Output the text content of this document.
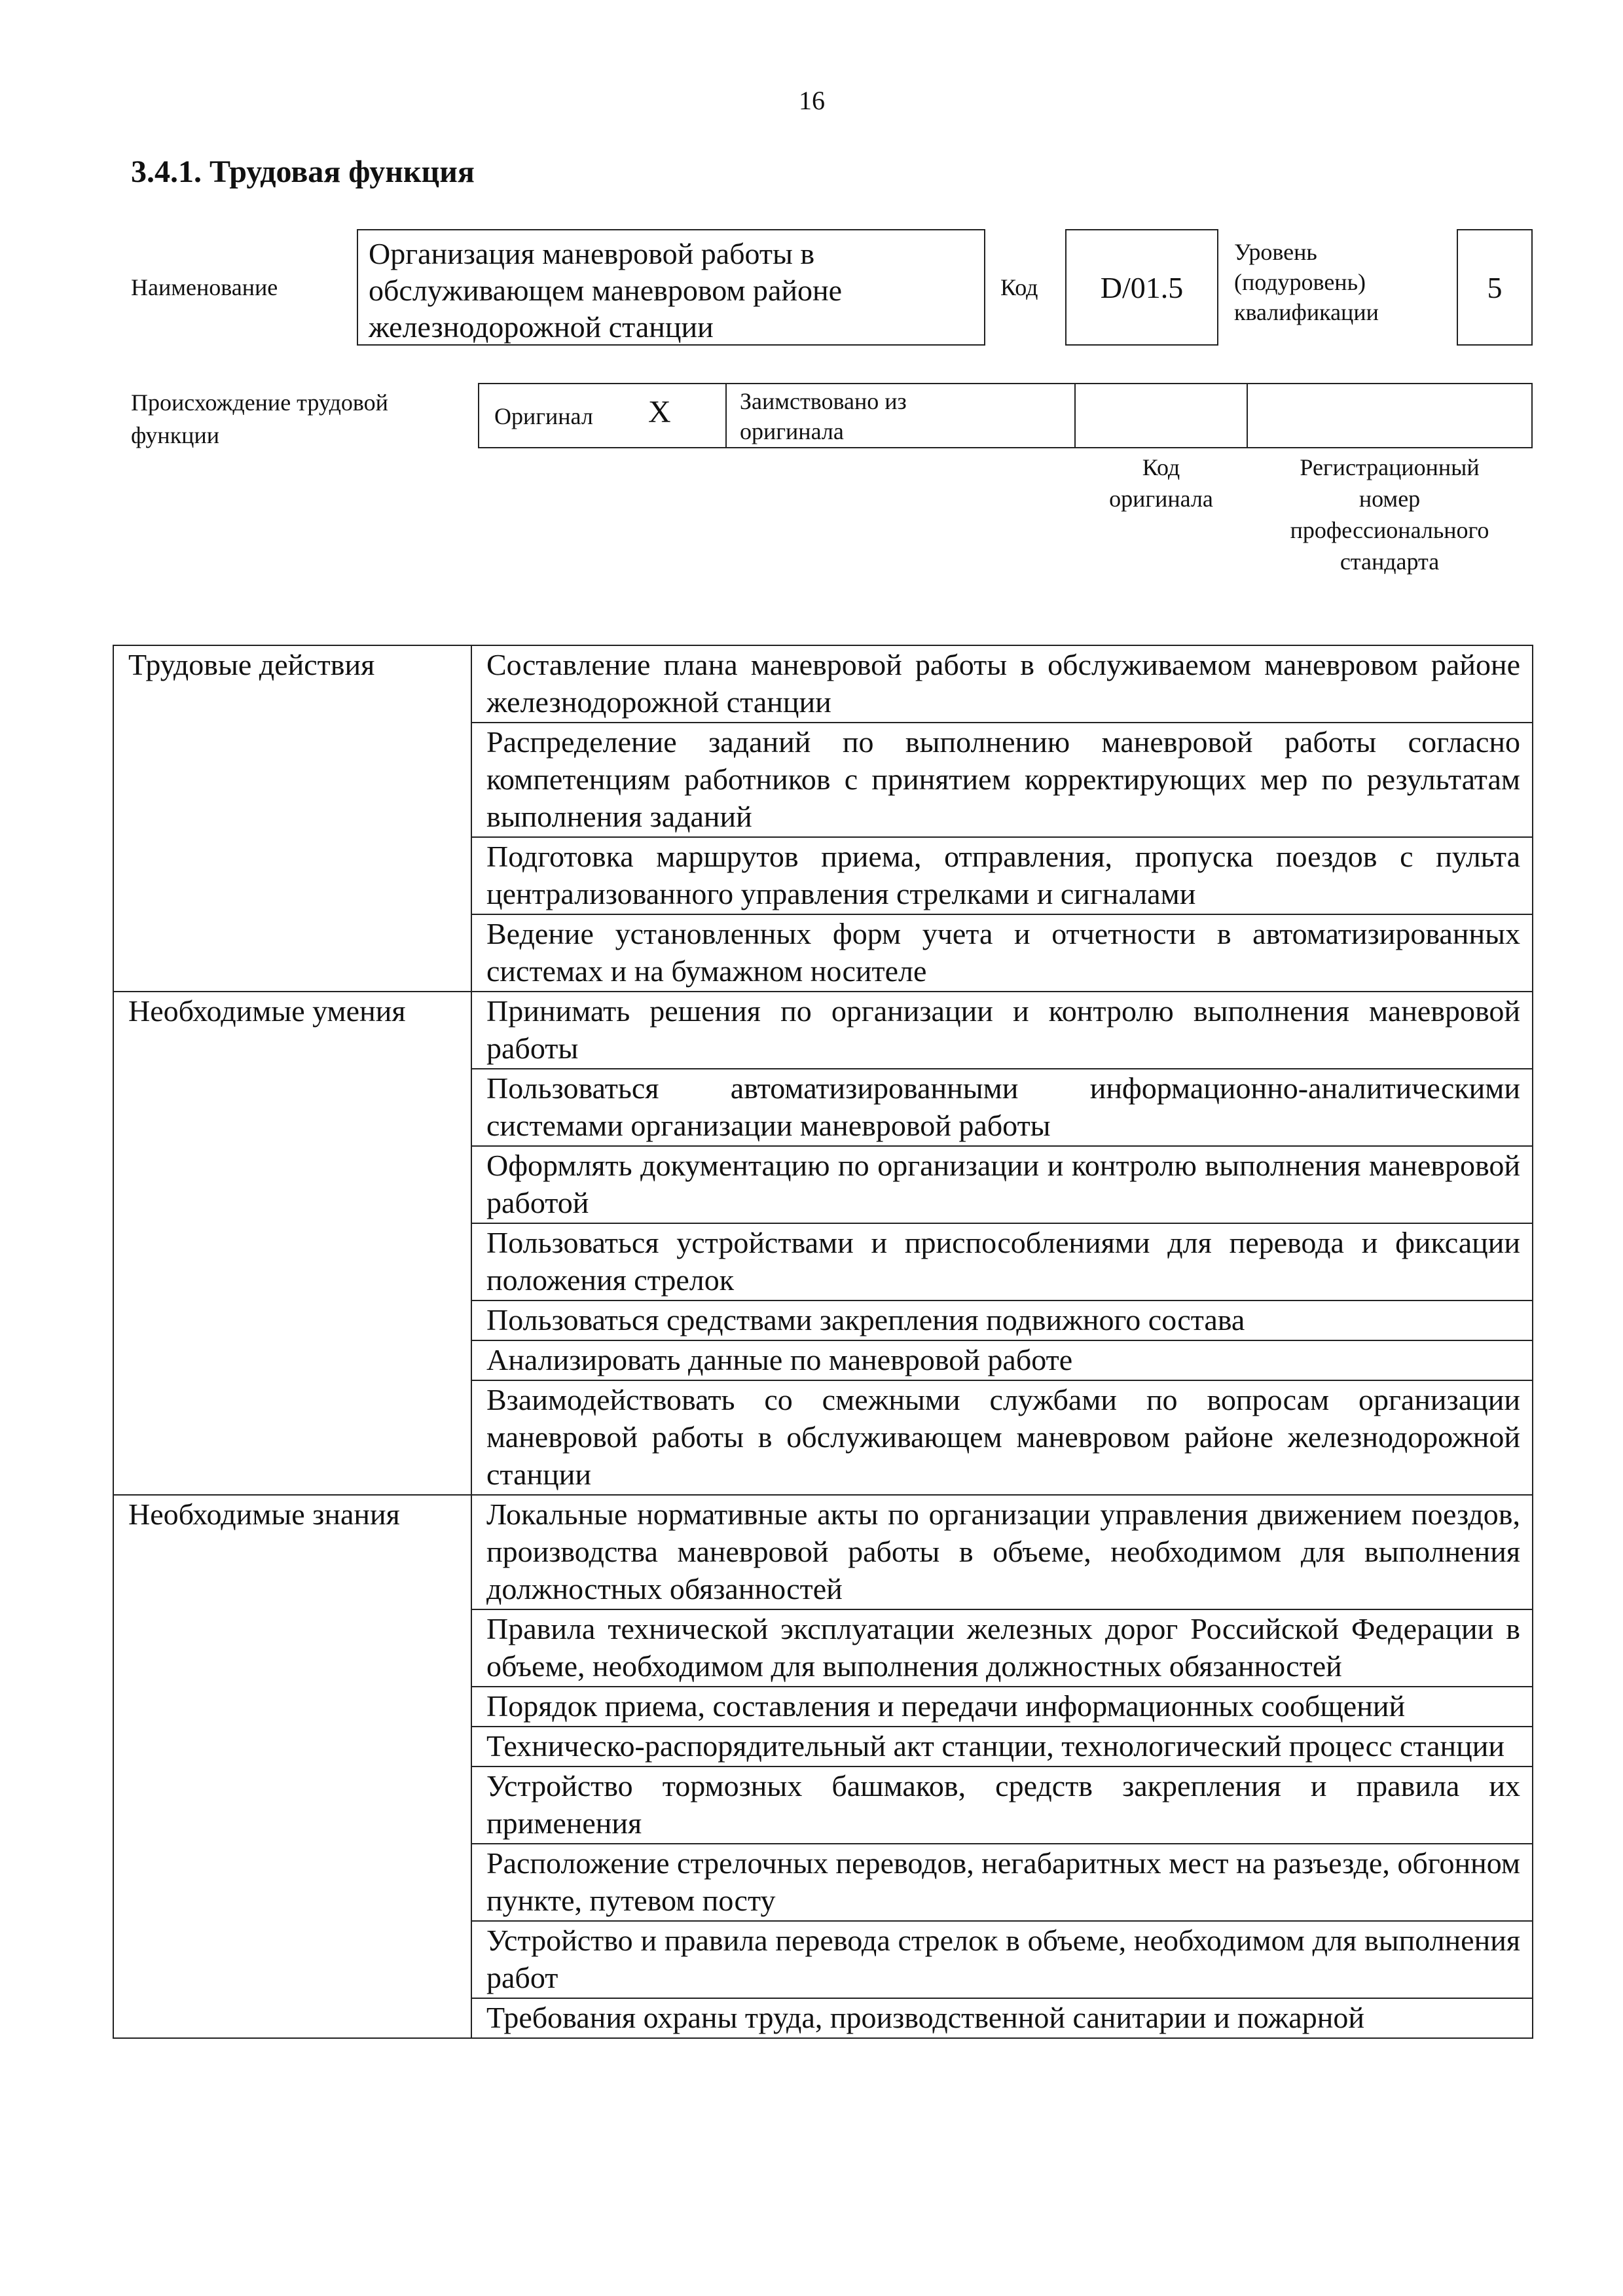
16
3.4.1. Трудовая функция
Наименование
Организация маневровой работы в
обслуживающем маневровом районе
железнодорожной станции
Код	D/01.5
Уровень
(подуровень)
квалификации
5
Происхождение трудовой
функции
Оригинал X	Заимствовано из
оригинала
Код
оригинала
Регистрационный
номер
профессионального
стандарта
Трудовые действия	Составление плана маневровой работы в обслуживаемом маневровом районе железнодорожной станции
	Распределение заданий по выполнению маневровой работы согласно компетенциям работников с принятием корректирующих мер по результатам выполнения заданий
	Подготовка маршрутов приема, отправления, пропуска поездов с пульта централизованного управления стрелками и сигналами
	Ведение установленных форм учета и отчетности в автоматизированных системах и на бумажном носителе
Необходимые умения	Принимать решения по организации и контролю выполнения маневровой работы
	Пользоваться автоматизированными информационно-аналитическими системами организации маневровой работы
	Оформлять документацию по организации и контролю выполнения маневровой работой
	Пользоваться устройствами и приспособлениями для перевода и фиксации положения стрелок
	Пользоваться средствами закрепления подвижного состава
	Анализировать данные по маневровой работе
	Взаимодействовать со смежными службами по вопросам организации маневровой работы в обслуживающем маневровом районе железнодорожной станции
Необходимые знания	Локальные нормативные акты по организации управления движением поездов, производства маневровой работы в объеме, необходимом для выполнения должностных обязанностей
	Правила технической эксплуатации железных дорог Российской Федерации в объеме, необходимом для выполнения должностных обязанностей
	Порядок приема, составления и передачи информационных сообщений
	Техническо-распорядительный акт станции, технологический процесс станции
	Устройство тормозных башмаков, средств закрепления и правила их применения
	Расположение стрелочных переводов, негабаритных мест на разъезде, обгонном пункте, путевом посту
	Устройство и правила перевода стрелок в объеме, необходимом для выполнения работ
	Требования охраны труда, производственной санитарии и пожарной
